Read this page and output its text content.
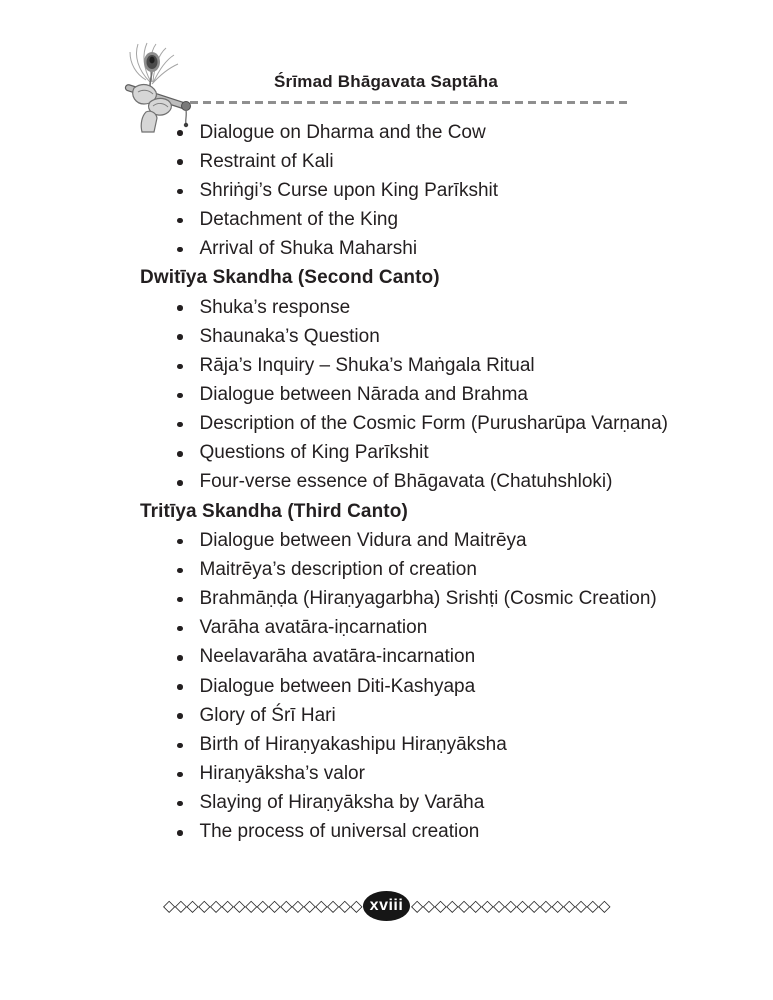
Śrīmad Bhāgavata Saptāha
Dialogue on Dharma and the Cow
Restraint of Kali
Shriṅgi’s Curse upon King Parīkshit
Detachment of the King
Arrival of Shuka Maharshi
Dwitīya Skandha (Second Canto)
Shuka’s response
Shaunaka’s Question
Rāja’s Inquiry – Shuka’s Maṅgala Ritual
Dialogue between Nārada and Brahma
Description of the Cosmic Form (Purusharūpa Varṇana)
Questions of King Parīkshit
Four-verse essence of Bhāgavata (Chatuhshloki)
Tritīya Skandha (Third Canto)
Dialogue between Vidura and Maitrēya
Maitrēya’s description of creation
Brahmāṇḍa (Hiraṇyagarbha) Srishṭi (Cosmic Creation)
Varāha avatāra-iṇcarnation
Neelavarāha avatāra-incarnation
Dialogue between Diti-Kashyapa
Glory of Śrī Hari
Birth of Hiraṇyakashipu Hiraṇyāksha
Hiraṇyāksha’s valor
Slaying of Hiraṇyāksha by Varāha
The process of universal creation
◇◇◇◇◇◇◇◇◇◇◇◇◇◇◇◇◇ xviii ◇◇◇◇◇◇◇◇◇◇◇◇◇◇◇◇◇
